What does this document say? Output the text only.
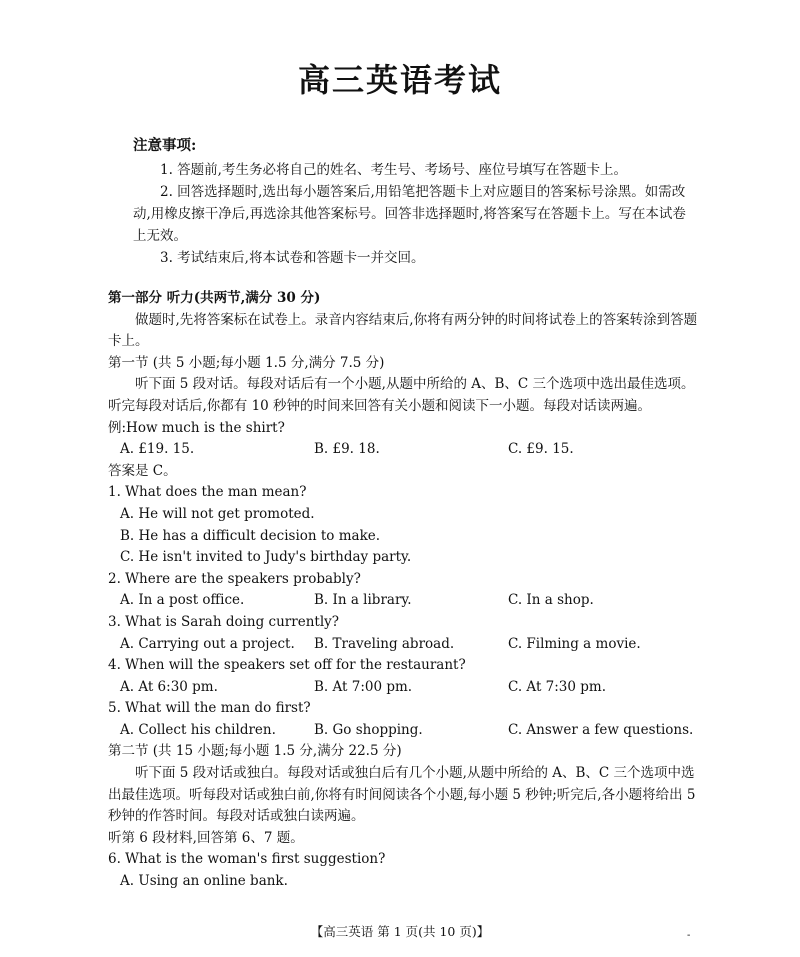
高三英语考试
注意事项:
1. 答题前,考生务必将自己的姓名、考生号、考场号、座位号填写在答题卡上。
2. 回答选择题时,选出每小题答案后,用铅笔把答题卡上对应题目的答案标号涂黑。如需改动,用橡皮擦干净后,再选涂其他答案标号。回答非选择题时,将答案写在答题卡上。写在本试卷上无效。
3. 考试结束后,将本试卷和答题卡一并交回。
第一部分 听力(共两节,满分 30 分)
做题时,先将答案标在试卷上。录音内容结束后,你将有两分钟的时间将试卷上的答案转涂到答题卡上。
第一节 (共 5 小题;每小题 1.5 分,满分 7.5 分)
听下面 5 段对话。每段对话后有一个小题,从题中所给的 A、B、C 三个选项中选出最佳选项。听完每段对话后,你都有 10 秒钟的时间来回答有关小题和阅读下一小题。每段对话读两遍。
例:How much is the shirt?
A. £19. 15.	B. £9. 18.	C. £9. 15.
答案是 C。
1. What does the man mean?
A. He will not get promoted.
B. He has a difficult decision to make.
C. He isn't invited to Judy's birthday party.
2. Where are the speakers probably?
A. In a post office.	B. In a library.	C. In a shop.
3. What is Sarah doing currently?
A. Carrying out a project.	B. Traveling abroad.	C. Filming a movie.
4. When will the speakers set off for the restaurant?
A. At 6:30 pm.	B. At 7:00 pm.	C. At 7:30 pm.
5. What will the man do first?
A. Collect his children.	B. Go shopping.	C. Answer a few questions.
第二节 (共 15 小题;每小题 1.5 分,满分 22.5 分)
听下面 5 段对话或独白。每段对话或独白后有几个小题,从题中所给的 A、B、C 三个选项中选出最佳选项。听每段对话或独白前,你将有时间阅读各个小题,每小题 5 秒钟;听完后,各小题将给出 5 秒钟的作答时间。每段对话或独白读两遍。
听第 6 段材料,回答第 6、7 题。
6. What is the woman's first suggestion?
A. Using an online bank.
【高三英语 第 1 页(共 10 页)】	-
